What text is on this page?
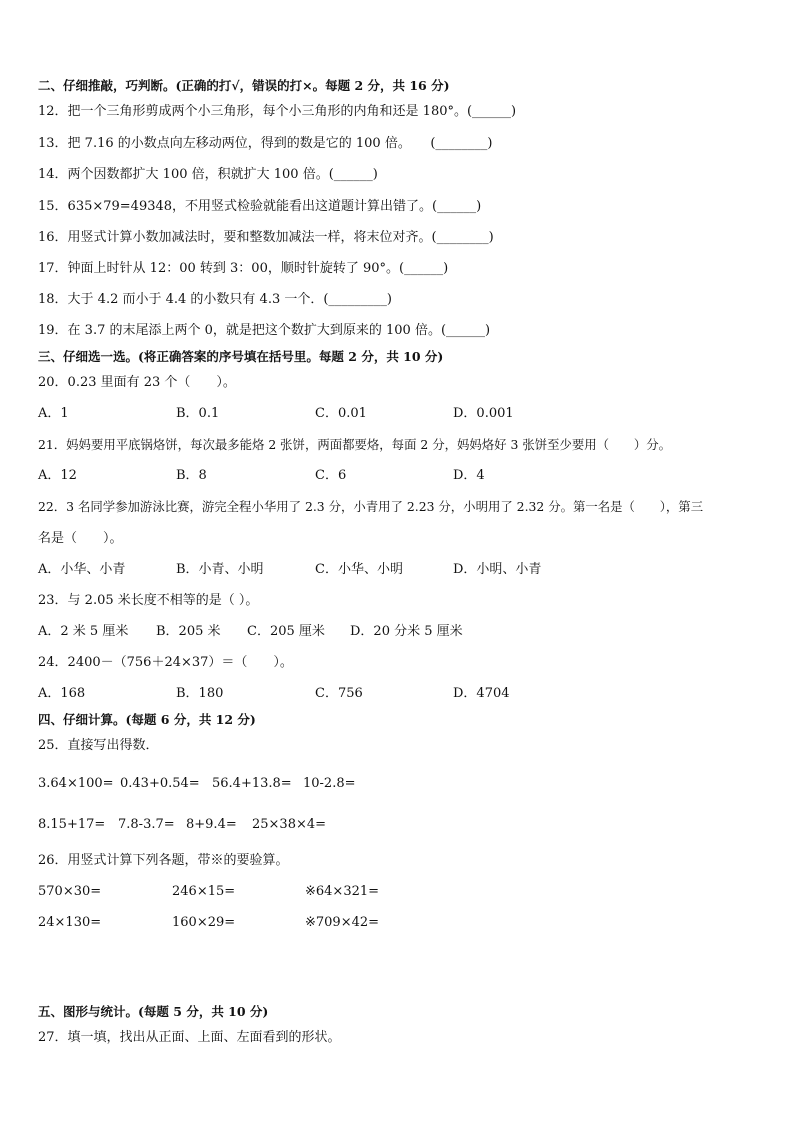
二、仔细推敲，巧判断。(正确的打√，错误的打×。每题 2 分，共 16 分)
12．把一个三角形剪成两个小三角形，每个小三角形的内角和还是 180°。(______)
13．把 7.16 的小数点向左移动两位，得到的数是它的 100 倍。　　(________)
14．两个因数都扩大 100 倍，积就扩大 100 倍。(______)
15．635×79=49348，不用竖式检验就能看出这道题计算出错了。(______)
16．用竖式计算小数加减法时，要和整数加减法一样，将末位对齐。(________)
17．钟面上时针从 12：00 转到 3：00，顺时针旋转了 90°。(______)
18．大于 4.2 而小于 4.4 的小数只有 4.3 一个．(_________)
19．在 3.7 的末尾添上两个 0，就是把这个数扩大到原来的 100 倍。(______)
三、仔细选一选。(将正确答案的序号填在括号里。每题 2 分，共 10 分)
20．0.23 里面有 23 个（　　）。
A．1	B．0.1	C．0.01	D．0.001
21．妈妈要用平底锅烙饼，每次最多能烙 2 张饼，两面都要烙，每面 2 分，妈妈烙好 3 张饼至少要用（　　）分。
A．12	B．8	C．6	D．4
22．3 名同学参加游泳比赛，游完全程小华用了 2.3 分，小青用了 2.23 分，小明用了 2.32 分。第一名是（　　），第三
名是（　　）。
A．小华、小青	B．小青、小明	C．小华、小明	D．小明、小青
23．与 2.05 米长度不相等的是（ ）。
A．2 米 5 厘米 B．205 米 C．205 厘米 D．20 分米 5 厘米
24．2400－（756＋24×37）＝（　　）。
A．168	B．180	C．756	D．4704
四、仔细计算。(每题 6 分，共 12 分)
25．直接写出得数．
3.64×100= 0.43+0.54= 56.4+13.8= 10-2.8=
8.15+17= 7.8-3.7= 8+9.4= 25×38×4=
26．用竖式计算下列各题，带※的要验算。
570×30=	246×15=	※64×321=
24×130=	160×29=	※709×42=
五、图形与统计。(每题 5 分，共 10 分)
27．填一填，找出从正面、上面、左面看到的形状。
